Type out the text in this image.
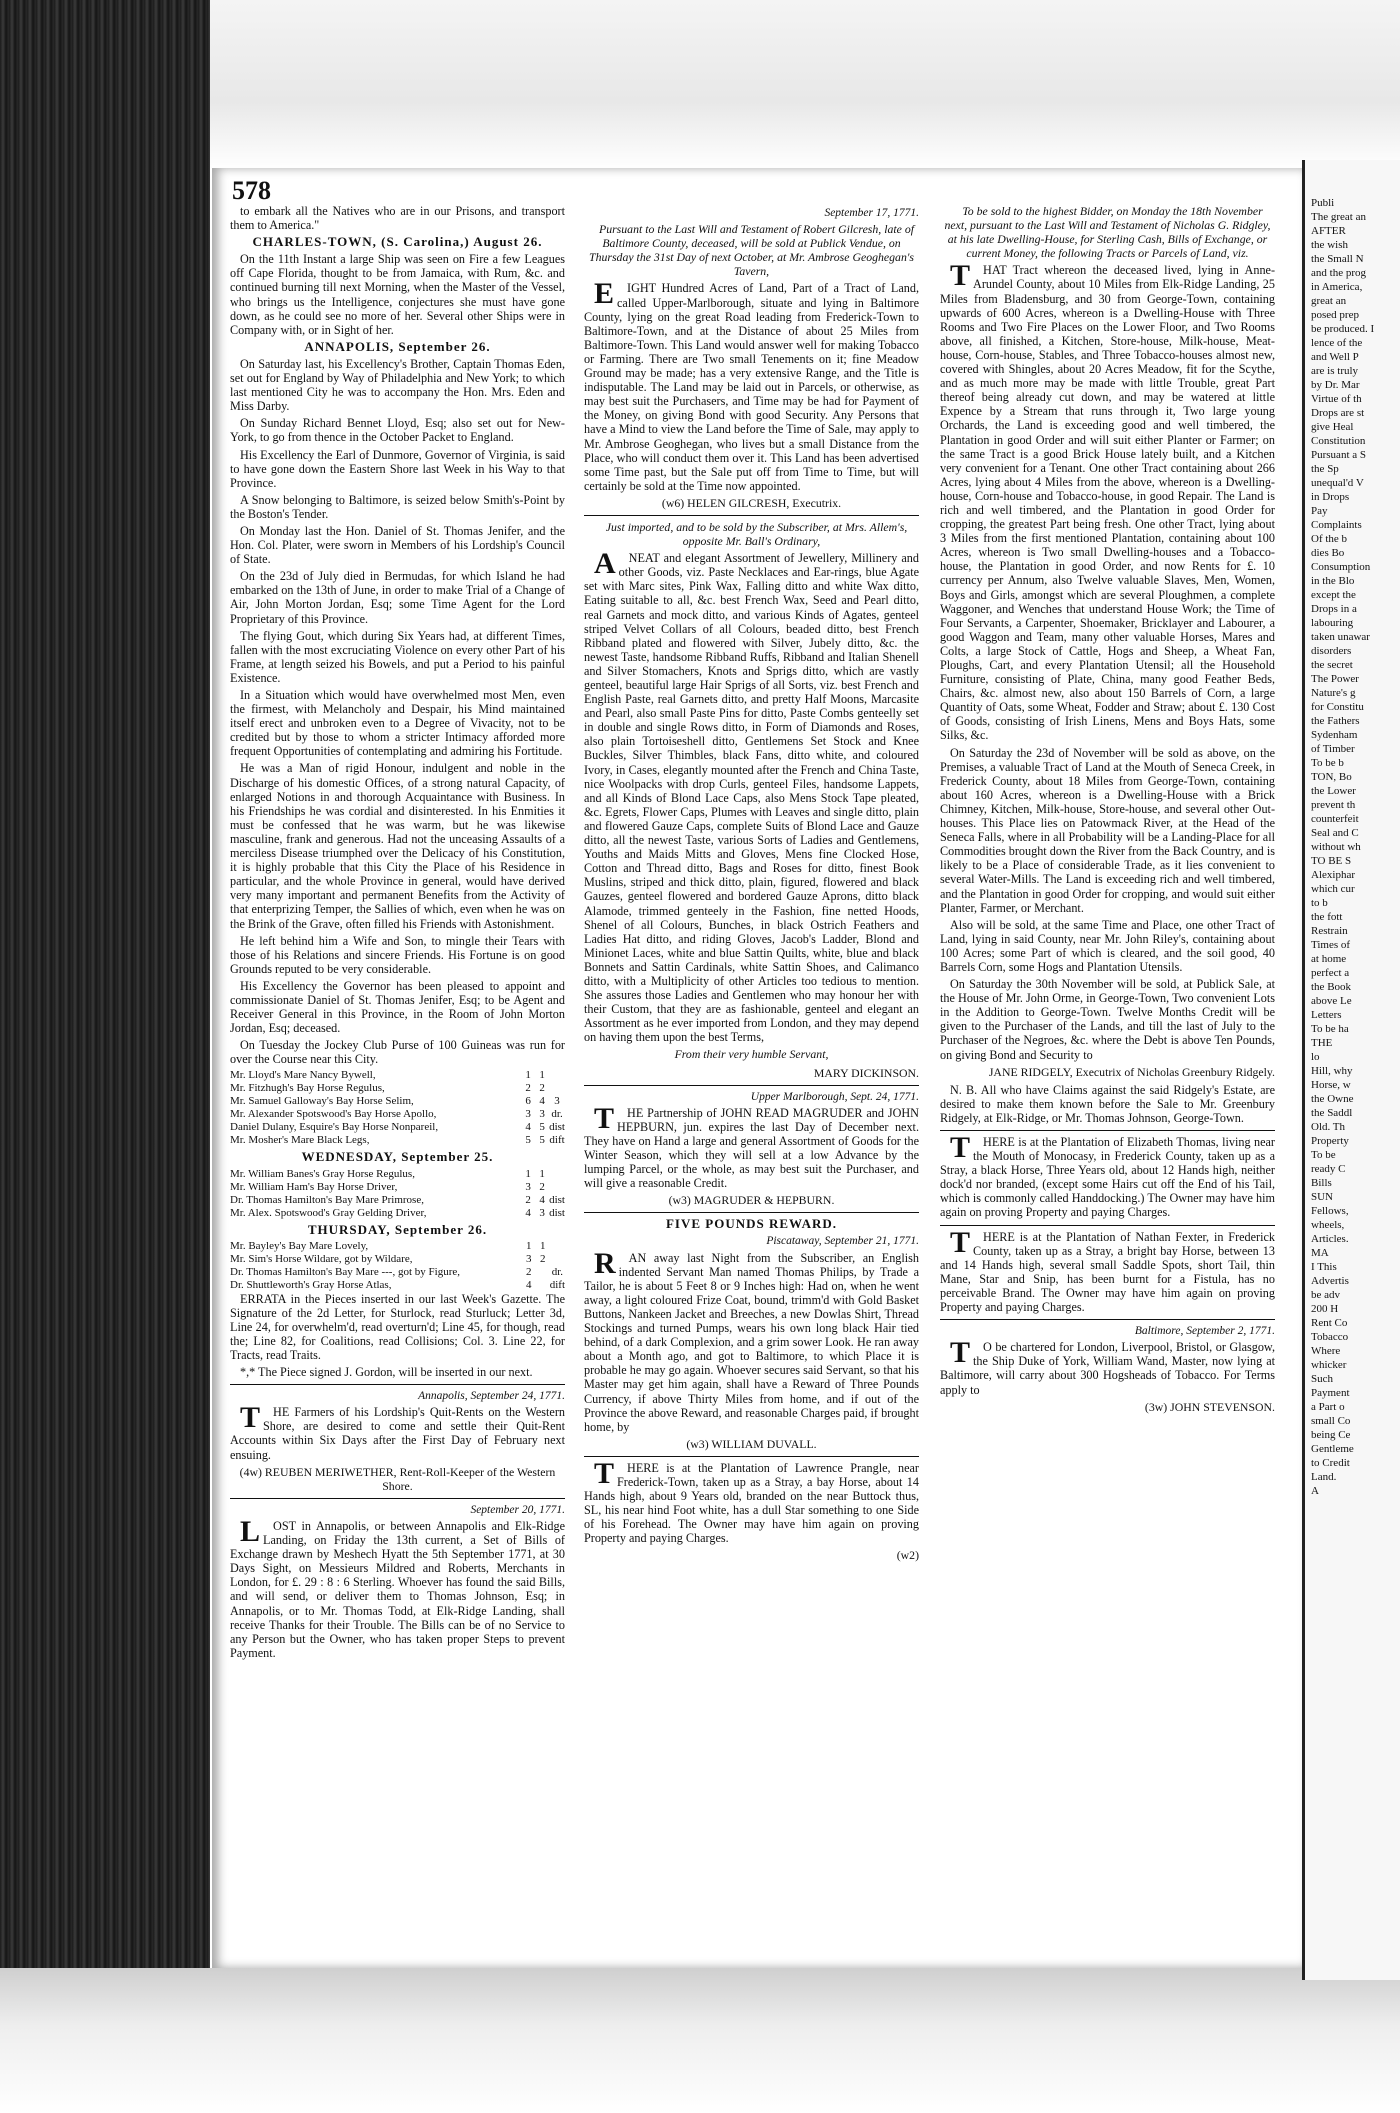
578

to embark all the Natives who are in our Prisons, and transport them to America."

CHARLES-TOWN, (S. Carolina,) August 26.

On the 11th Instant a large Ship was seen on Fire a few Leagues off Cape Florida, thought to be from Jamaica, with Rum, &c. and continued burning till next Morning, when the Master of the Vessel, who brings us the Intelligence, conjectures she must have gone down, as he could see no more of her. Several other Ships were in Company with, or in Sight of her.

ANNAPOLIS, September 26.

On Saturday last, his Excellency's Brother, Captain Thomas Eden, set out for England by Way of Philadelphia and New York; to which last mentioned City he was to accompany the Hon. Mrs. Eden and Miss Darby.

On Sunday Richard Bennet Lloyd, Esq; also set out for New-York, to go from thence in the October Packet to England.

His Excellency the Earl of Dunmore, Governor of Virginia, is said to have gone down the Eastern Shore last Week in his Way to that Province.

A Snow belonging to Baltimore, is seized below Smith's-Point by the Boston's Tender.

On Monday last the Hon. Daniel of St. Thomas Jenifer, and the Hon. Col. Plater, were sworn in Members of his Lordship's Council of State.

On the 23d of July died in Bermudas, for which Island he had embarked on the 13th of June, in order to make Trial of a Change of Air, John Morton Jordan, Esq; some Time Agent for the Lord Proprietary of this Province.

The flying Gout, which during Six Years had, at different Times, fallen with the most excruciating Violence on every other Part of his Frame, at length seized his Bowels, and put a Period to his painful Existence.

In a Situation which would have overwhelmed most Men, even the firmest, with Melancholy and Despair, his Mind maintained itself erect and unbroken even to a Degree of Vivacity, not to be credited but by those to whom a stricter Intimacy afforded more frequent Opportunities of contemplating and admiring his Fortitude.

He was a Man of rigid Honour, indulgent and noble in the Discharge of his domestic Offices, of a strong natural Capacity, of enlarged Notions in and thorough Acquaintance with Business. In his Friendships he was cordial and disinterested. In his Enmities it must be confessed that he was warm, but he was likewise masculine, frank and generous. Had not the unceasing Assaults of a merciless Disease triumphed over the Delicacy of his Constitution, it is highly probable that this City the Place of his Residence in particular, and the whole Province in general, would have derived very many important and permanent Benefits from the Activity of that enterprizing Temper, the Sallies of which, even when he was on the Brink of the Grave, often filled his Friends with Astonishment.

He left behind him a Wife and Son, to mingle their Tears with those of his Relations and sincere Friends. His Fortune is on good Grounds reputed to be very considerable.

His Excellency the Governor has been pleased to appoint and commissionate Daniel of St. Thomas Jenifer, Esq; to be Agent and Receiver General in this Province, in the Room of John Morton Jordan, Esq; deceased.

On Tuesday the Jockey Club Purse of 100 Guineas was run for over the Course near this City.

Mr. Lloyd's Mare Nancy Bywell,	1	1	
Mr. Fitzhugh's Bay Horse Regulus,	2	2	
Mr. Samuel Galloway's Bay Horse Selim,	6	4	3
Mr. Alexander Spotswood's Bay Horse Apollo,	3	3	dr.
Daniel Dulany, Esquire's Bay Horse Nonpareil,	4	5	dist
Mr. Mosher's Mare Black Legs,	5	5	dift
WEDNESDAY, September 25.
Mr. William Banes's Gray Horse Regulus,	1	1	
Mr. William Ham's Bay Horse Driver,	3	2	
Dr. Thomas Hamilton's Bay Mare Primrose,	2	4	dist
Mr. Alex. Spotswood's Gray Gelding Driver,	4	3	dist
THURSDAY, September 26.
Mr. Bayley's Bay Mare Lovely,	1	1	
Mr. Sim's Horse Wildare, got by Wildare,	3	2	
Dr. Thomas Hamilton's Bay Mare ---, got by Figure,	2		dr.
Dr. Shuttleworth's Gray Horse Atlas,	4		dift

ERRATA in the Pieces inserted in our last Week's Gazette. The Signature of the 2d Letter, for Sturlock, read Sturluck; Letter 3d, Line 24, for overwhelm'd, read overturn'd; Line 45, for though, read the; Line 82, for Coalitions, read Collisions; Col. 3. Line 22, for Tracts, read Traits.

*,* The Piece signed J. Gordon, will be inserted in our next.

Annapolis, September 24, 1771.

THE Farmers of his Lordship's Quit-Rents on the Western Shore, are desired to come and settle their Quit-Rent Accounts within Six Days after the First Day of February next ensuing.

(4w) REUBEN MERIWETHER, Rent-Roll-Keeper of the Western Shore.
September 20, 1771.

LOST in Annapolis, or between Annapolis and Elk-Ridge Landing, on Friday the 13th current, a Set of Bills of Exchange drawn by Meshech Hyatt the 5th September 1771, at 30 Days Sight, on Messieurs Mildred and Roberts, Merchants in London, for £. 29 : 8 : 6 Sterling. Whoever has found the said Bills, and will send, or deliver them to Thomas Johnson, Esq; in Annapolis, or to Mr. Thomas Todd, at Elk-Ridge Landing, shall receive Thanks for their Trouble. The Bills can be of no Service to any Person but the Owner, who has taken proper Steps to prevent Payment.

September 17, 1771.

Pursuant to the Last Will and Testament of Robert Gilcresh, late of Baltimore County, deceased, will be sold at Publick Vendue, on Thursday the 31st Day of next October, at Mr. Ambrose Geoghegan's Tavern,

EIGHT Hundred Acres of Land, Part of a Tract of Land, called Upper-Marlborough, situate and lying in Baltimore County, lying on the great Road leading from Frederick-Town to Baltimore-Town, and at the Distance of about 25 Miles from Baltimore-Town. This Land would answer well for making Tobacco or Farming. There are Two small Tenements on it; fine Meadow Ground may be made; has a very extensive Range, and the Title is indisputable. The Land may be laid out in Parcels, or otherwise, as may best suit the Purchasers, and Time may be had for Payment of the Money, on giving Bond with good Security. Any Persons that have a Mind to view the Land before the Time of Sale, may apply to Mr. Ambrose Geoghegan, who lives but a small Distance from the Place, who will conduct them over it. This Land has been advertised some Time past, but the Sale put off from Time to Time, but will certainly be sold at the Time now appointed.

(w6) HELEN GILCRESH, Executrix.

Just imported, and to be sold by the Subscriber, at Mrs. Allem's, opposite Mr. Ball's Ordinary,

ANEAT and elegant Assortment of Jewellery, Millinery and other Goods, viz. Paste Necklaces and Ear-rings, blue Agate set with Marc sites, Pink Wax, Falling ditto and white Wax ditto, Eating suitable to all, &c. best French Wax, Seed and Pearl ditto, real Garnets and mock ditto, and various Kinds of Agates, genteel striped Velvet Collars of all Colours, beaded ditto, best French Ribband plated and flowered with Silver, Jubely ditto, &c. the newest Taste, handsome Ribband Ruffs, Ribband and Italian Shenell and Silver Stomachers, Knots and Sprigs ditto, which are vastly genteel, beautiful large Hair Sprigs of all Sorts, viz. best French and English Paste, real Garnets ditto, and pretty Half Moons, Marcasite and Pearl, also small Paste Pins for ditto, Paste Combs genteelly set in double and single Rows ditto, in Form of Diamonds and Roses, also plain Tortoiseshell ditto, Gentlemens Set Stock and Knee Buckles, Silver Thimbles, black Fans, ditto white, and coloured Ivory, in Cases, elegantly mounted after the French and China Taste, nice Woolpacks with drop Curls, genteel Files, handsome Lappets, and all Kinds of Blond Lace Caps, also Mens Stock Tape pleated, &c. Egrets, Flower Caps, Plumes with Leaves and single ditto, plain and flowered Gauze Caps, complete Suits of Blond Lace and Gauze ditto, all the newest Taste, various Sorts of Ladies and Gentlemens, Youths and Maids Mitts and Gloves, Mens fine Clocked Hose, Cotton and Thread ditto, Bags and Roses for ditto, finest Book Muslins, striped and thick ditto, plain, figured, flowered and black Gauzes, genteel flowered and bordered Gauze Aprons, ditto black Alamode, trimmed genteely in the Fashion, fine netted Hoods, Shenel of all Colours, Bunches, in black Ostrich Feathers and Ladies Hat ditto, and riding Gloves, Jacob's Ladder, Blond and Minionet Laces, white and blue Sattin Quilts, white, blue and black Bonnets and Sattin Cardinals, white Sattin Shoes, and Calimanco ditto, with a Multiplicity of other Articles too tedious to mention. She assures those Ladies and Gentlemen who may honour her with their Custom, that they are as fashionable, genteel and elegant an Assortment as he ever imported from London, and they may depend on having them upon the best Terms,

From their very humble Servant,
MARY DICKINSON.
Upper Marlborough, Sept. 24, 1771.

THE Partnership of JOHN READ MAGRUDER and JOHN HEPBURN, jun. expires the last Day of December next. They have on Hand a large and general Assortment of Goods for the Winter Season, which they will sell at a low Advance by the lumping Parcel, or the whole, as may best suit the Purchaser, and will give a reasonable Credit.

(w3) MAGRUDER & HEPBURN.
FIVE POUNDS REWARD.
Piscataway, September 21, 1771.

RAN away last Night from the Subscriber, an English indented Servant Man named Thomas Philips, by Trade a Tailor, he is about 5 Feet 8 or 9 Inches high: Had on, when he went away, a light coloured Frize Coat, bound, trimm'd with Gold Basket Buttons, Nankeen Jacket and Breeches, a new Dowlas Shirt, Thread Stockings and turned Pumps, wears his own long black Hair tied behind, of a dark Complexion, and a grim sower Look. He ran away about a Month ago, and got to Baltimore, to which Place it is probable he may go again. Whoever secures said Servant, so that his Master may get him again, shall have a Reward of Three Pounds Currency, if above Thirty Miles from home, and if out of the Province the above Reward, and reasonable Charges paid, if brought home, by

(w3) WILLIAM DUVALL.

THERE is at the Plantation of Lawrence Prangle, near Frederick-Town, taken up as a Stray, a bay Horse, about 14 Hands high, about 9 Years old, branded on the near Buttock thus, SL, his near hind Foot white, has a dull Star something to one Side of his Forehead. The Owner may have him again on proving Property and paying Charges.

(w2)

To be sold to the highest Bidder, on Monday the 18th November next, pursuant to the Last Will and Testament of Nicholas G. Ridgley, at his late Dwelling-House, for Sterling Cash, Bills of Exchange, or current Money, the following Tracts or Parcels of Land, viz.

THAT Tract whereon the deceased lived, lying in Anne-Arundel County, about 10 Miles from Elk-Ridge Landing, 25 Miles from Bladensburg, and 30 from George-Town, containing upwards of 600 Acres, whereon is a Dwelling-House with Three Rooms and Two Fire Places on the Lower Floor, and Two Rooms above, all finished, a Kitchen, Store-house, Milk-house, Meat-house, Corn-house, Stables, and Three Tobacco-houses almost new, covered with Shingles, about 20 Acres Meadow, fit for the Scythe, and as much more may be made with little Trouble, great Part thereof being already cut down, and may be watered at little Expence by a Stream that runs through it, Two large young Orchards, the Land is exceeding good and well timbered, the Plantation in good Order and will suit either Planter or Farmer; on the same Tract is a good Brick House lately built, and a Kitchen very convenient for a Tenant. One other Tract containing about 266 Acres, lying about 4 Miles from the above, whereon is a Dwelling-house, Corn-house and Tobacco-house, in good Repair. The Land is rich and well timbered, and the Plantation in good Order for cropping, the greatest Part being fresh. One other Tract, lying about 3 Miles from the first mentioned Plantation, containing about 100 Acres, whereon is Two small Dwelling-houses and a Tobacco-house, the Plantation in good Order, and now Rents for £. 10 currency per Annum, also Twelve valuable Slaves, Men, Women, Boys and Girls, amongst which are several Ploughmen, a complete Waggoner, and Wenches that understand House Work; the Time of Four Servants, a Carpenter, Shoemaker, Bricklayer and Labourer, a good Waggon and Team, many other valuable Horses, Mares and Colts, a large Stock of Cattle, Hogs and Sheep, a Wheat Fan, Ploughs, Cart, and every Plantation Utensil; all the Household Furniture, consisting of Plate, China, many good Feather Beds, Chairs, &c. almost new, also about 150 Barrels of Corn, a large Quantity of Oats, some Wheat, Fodder and Straw; about £. 130 Cost of Goods, consisting of Irish Linens, Mens and Boys Hats, some Silks, &c.

On Saturday the 23d of November will be sold as above, on the Premises, a valuable Tract of Land at the Mouth of Seneca Creek, in Frederick County, about 18 Miles from George-Town, containing about 160 Acres, whereon is a Dwelling-House with a Brick Chimney, Kitchen, Milk-house, Store-house, and several other Out-houses. This Place lies on Patowmack River, at the Head of the Seneca Falls, where in all Probability will be a Landing-Place for all Commodities brought down the River from the Back Country, and is likely to be a Place of considerable Trade, as it lies convenient to several Water-Mills. The Land is exceeding rich and well timbered, and the Plantation in good Order for cropping, and would suit either Planter, Farmer, or Merchant.

Also will be sold, at the same Time and Place, one other Tract of Land, lying in said County, near Mr. John Riley's, containing about 100 Acres; some Part of which is cleared, and the soil good, 40 Barrels Corn, some Hogs and Plantation Utensils.

On Saturday the 30th November will be sold, at Publick Sale, at the House of Mr. John Orme, in George-Town, Two convenient Lots in the Addition to George-Town. Twelve Months Credit will be given to the Purchaser of the Lands, and till the last of July to the Purchaser of the Negroes, &c. where the Debt is above Ten Pounds, on giving Bond and Security to

JANE RIDGELY, Executrix of Nicholas Greenbury Ridgely.

N. B. All who have Claims against the said Ridgely's Estate, are desired to make them known before the Sale to Mr. Greenbury Ridgely, at Elk-Ridge, or Mr. Thomas Johnson, George-Town.

THERE is at the Plantation of Elizabeth Thomas, living near the Mouth of Monocasy, in Frederick County, taken up as a Stray, a black Horse, Three Years old, about 12 Hands high, neither dock'd nor branded, (except some Hairs cut off the End of his Tail, which is commonly called Handdocking.) The Owner may have him again on proving Property and paying Charges.

THERE is at the Plantation of Nathan Fexter, in Frederick County, taken up as a Stray, a bright bay Horse, between 13 and 14 Hands high, several small Saddle Spots, short Tail, thin Mane, Star and Snip, has been burnt for a Fistula, has no perceivable Brand. The Owner may have him again on proving Property and paying Charges.

Baltimore, September 2, 1771.

TO be chartered for London, Liverpool, Bristol, or Glasgow, the Ship Duke of York, William Wand, Master, now lying at Baltimore, will carry about 300 Hogsheads of Tobacco. For Terms apply to

(3w) JOHN STEVENSON.
Publi
The great an
AFTER
the wish
the Small N
and the prog
in America,
great an
posed prep
be produced. I
lence of the
and Well P
are is truly
by Dr. Mar
Virtue of th
Drops are st
give Heal
Constitution
Pursuant a S
the Sp
unequal'd V
in Drops
Pay
Complaints
Of the b
dies Bo
Consumption
in the Blo
except the
Drops in a
labouring
taken unawar
disorders
the secret
The Power
Nature's g
for Constitu
the Fathers
Sydenham
of Timber
To be b
TON, Bo
the Lower
prevent th
counterfeit
Seal and C
without wh
TO BE S
Alexiphar
which cur
to b
the fott
Restrain
Times of
at home
perfect a
the Book
above Le
Letters
To be ha
THE
lo
Hill, why
Horse, w
the Owne
the Saddl
Old. Th
Property
To be
ready C
Bills
SUN
Fellows,
wheels,
Articles.
MA
I This
Advertis
be adv
200 H
Rent Co
Tobacco
Where
whicker
Such
Payment
a Part o
small Co
being Ce
Gentleme
to Credit
Land.
A
